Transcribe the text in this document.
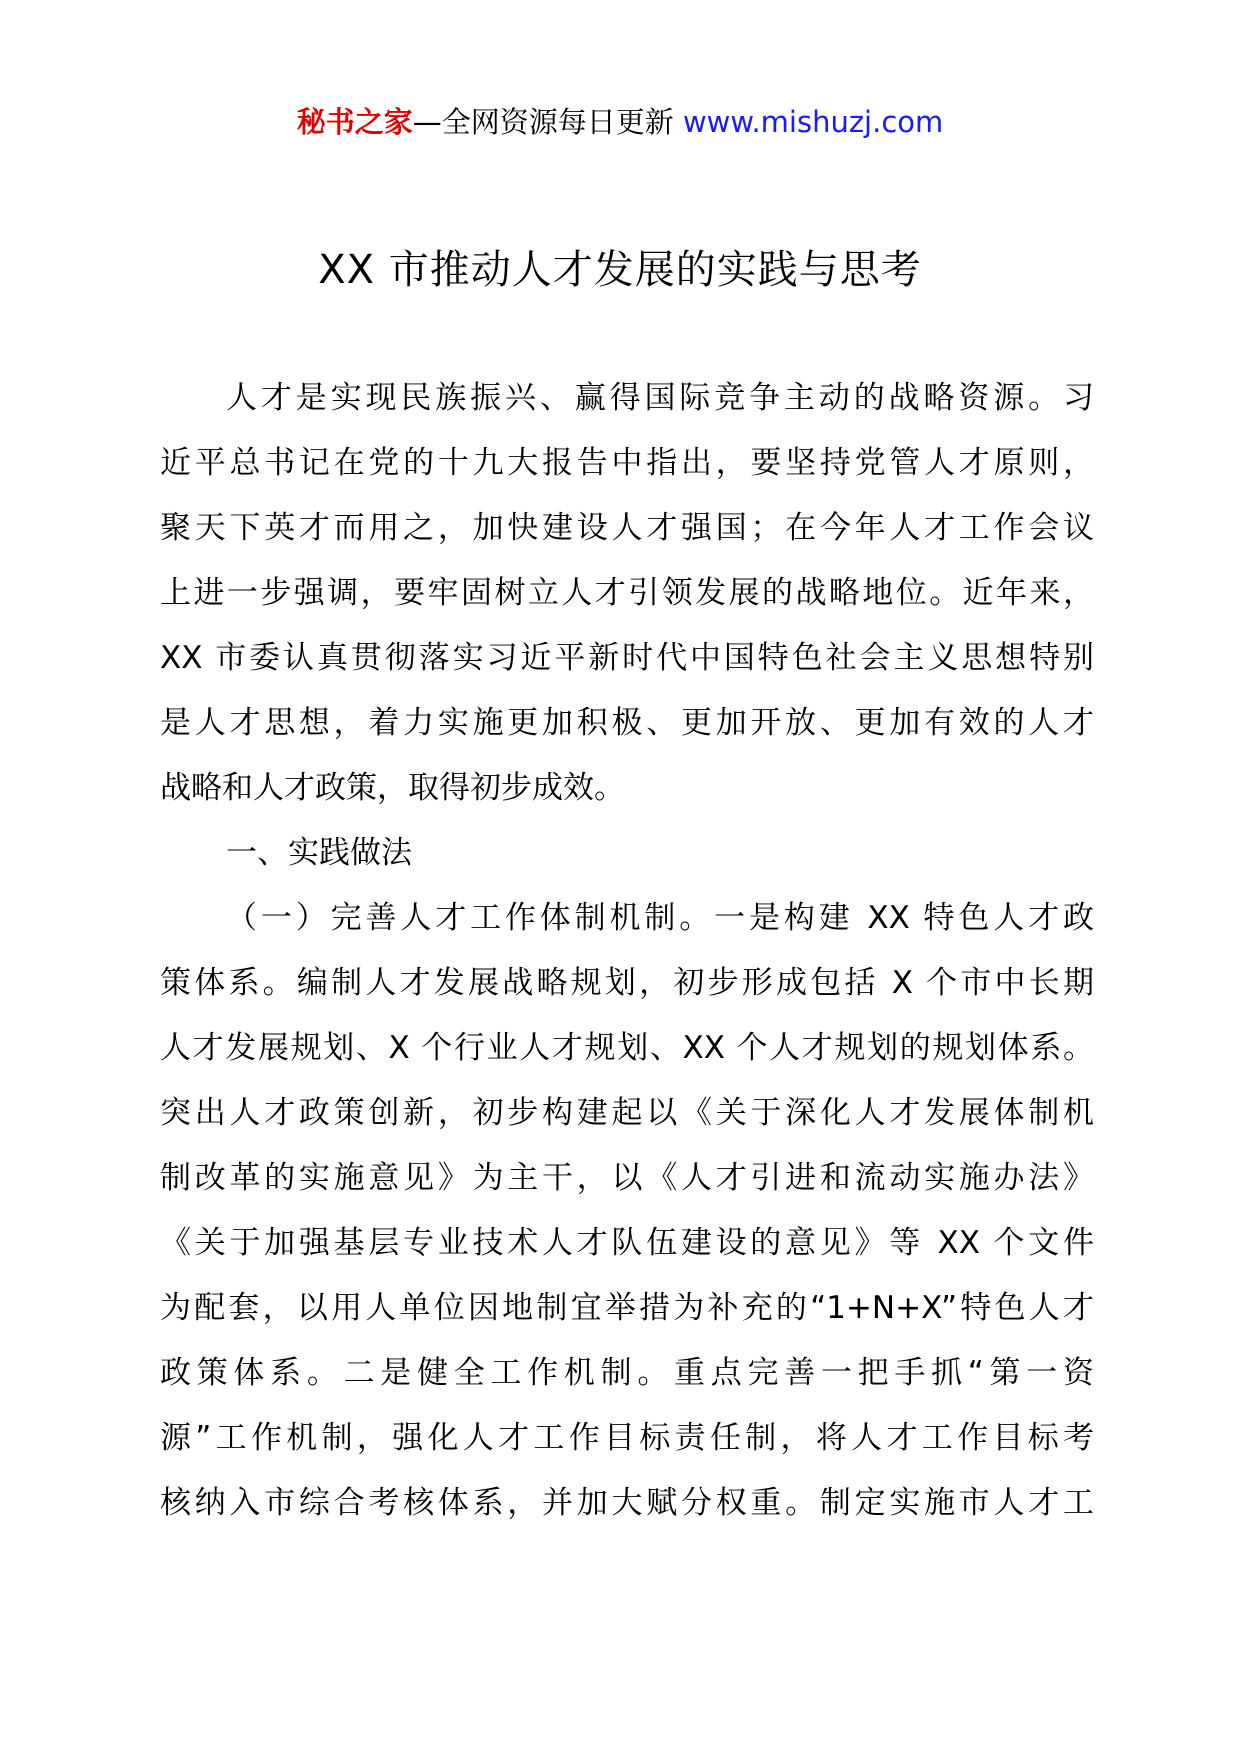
秘书之家—全网资源每日更新 www.mishuzj.com
XX 市推动人才发展的实践与思考
人才是实现民族振兴、赢得国际竞争主动的战略资源。习
近平总书记在党的十九大报告中指出，要坚持党管人才原则，
聚天下英才而用之，加快建设人才强国；在今年人才工作会议
上进一步强调，要牢固树立人才引领发展的战略地位。近年来，
XX 市委认真贯彻落实习近平新时代中国特色社会主义思想特别
是人才思想，着力实施更加积极、更加开放、更加有效的人才
战略和人才政策，取得初步成效。
一、实践做法
（一）完善人才工作体制机制。一是构建 XX 特色人才政
策体系。编制人才发展战略规划，初步形成包括 X 个市中长期
人才发展规划、X 个行业人才规划、XX 个人才规划的规划体系。
突出人才政策创新，初步构建起以《关于深化人才发展体制机
制改革的实施意见》为主干，以《人才引进和流动实施办法》
《关于加强基层专业技术人才队伍建设的意见》等 XX 个文件
为配套，以用人单位因地制宜举措为补充的“1+N+X”特色人才
政策体系。二是健全工作机制。重点完善一把手抓“第一资
源”工作机制，强化人才工作目标责任制，将人才工作目标考
核纳入市综合考核体系，并加大赋分权重。制定实施市人才工
